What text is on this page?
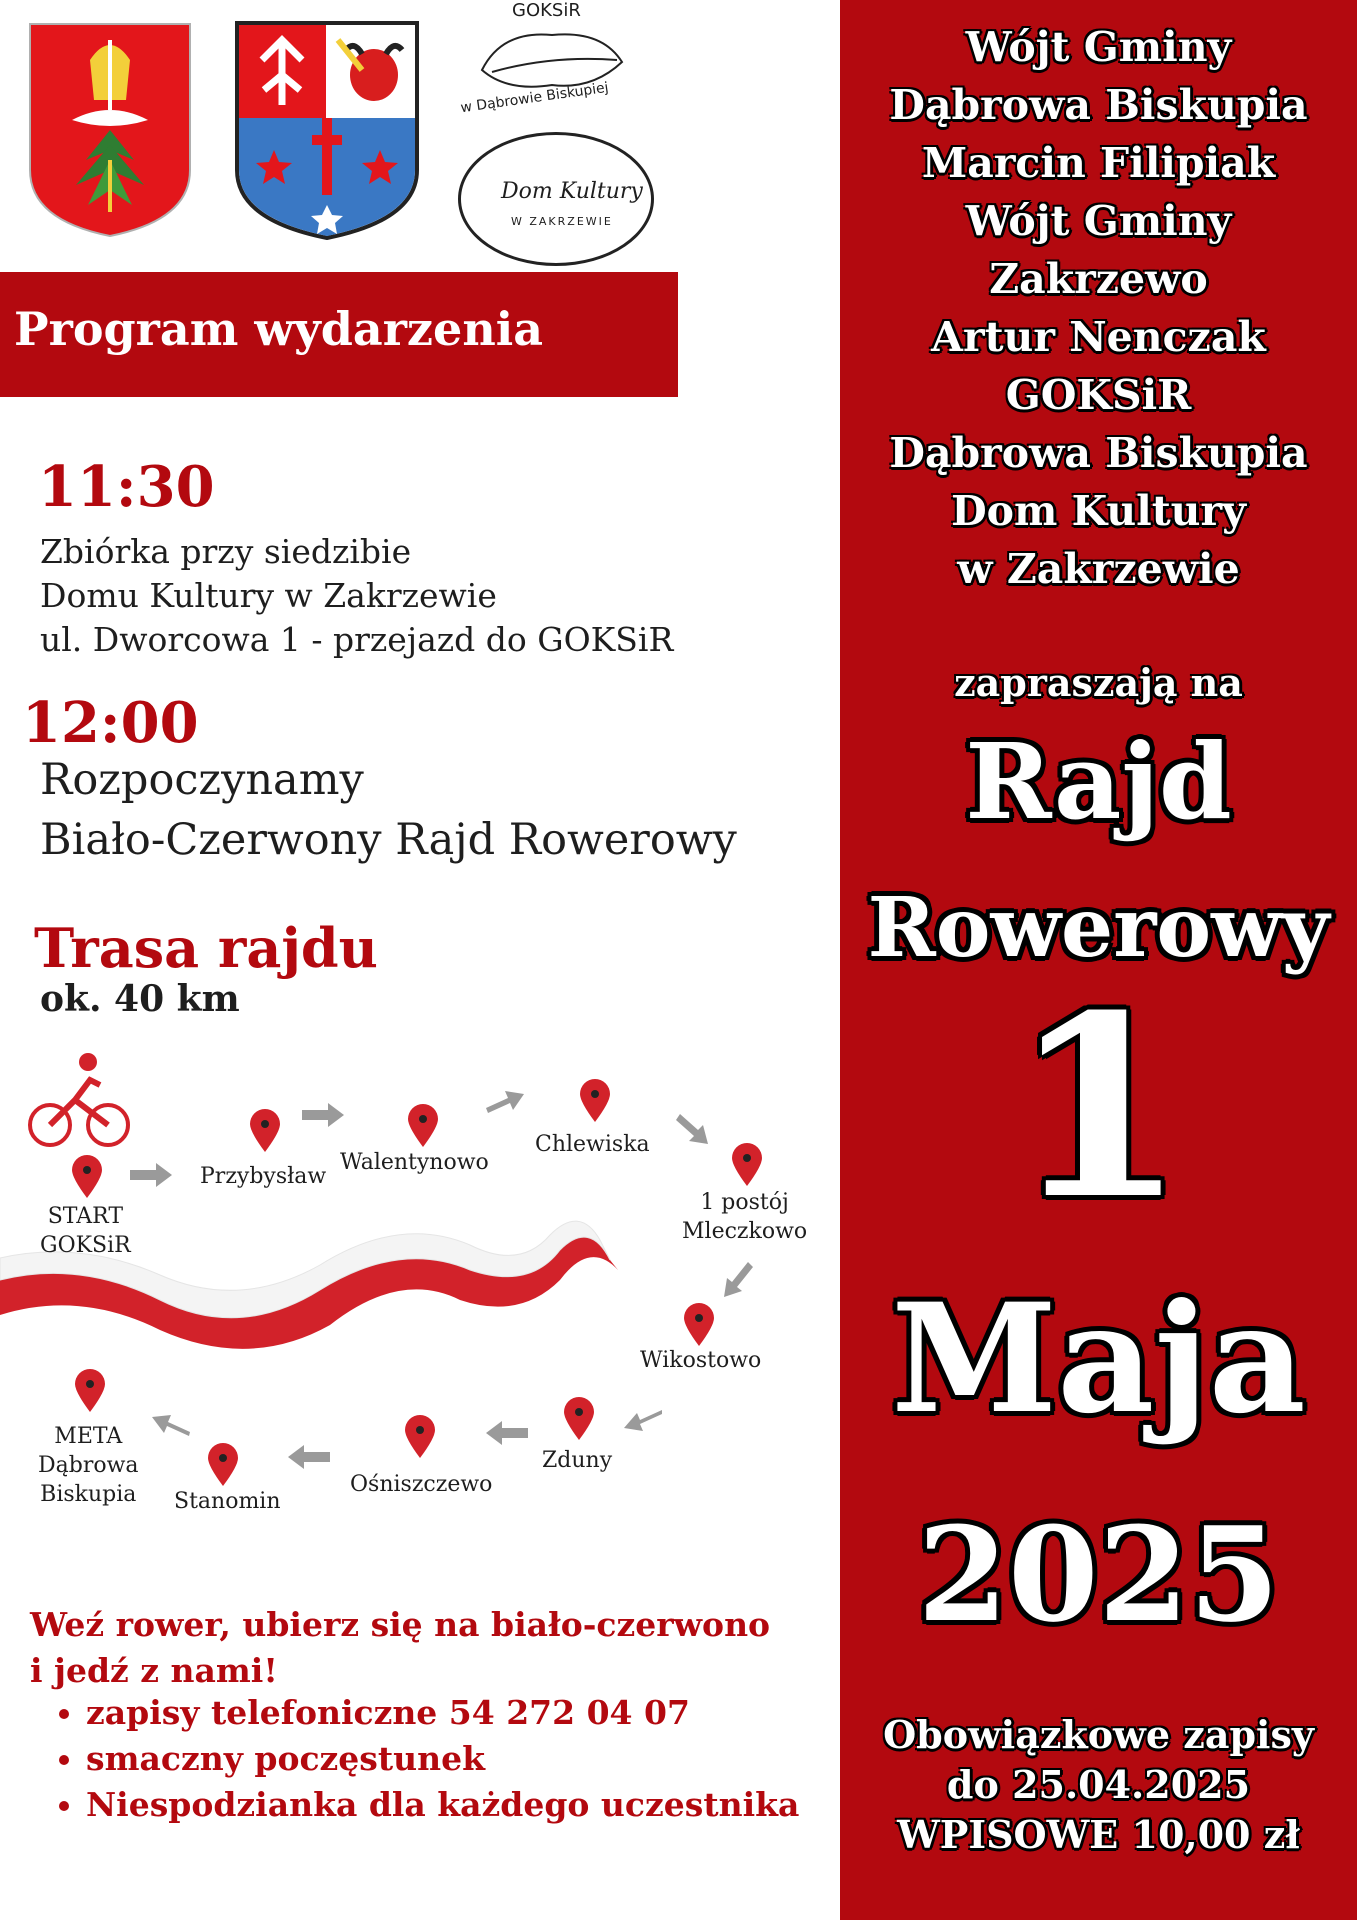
GOKSiR
w Dąbrowie Biskupiej
Dom Kultury
W ZAKRZEWIE
Program wydarzenia
11:30
Zbiórka przy siedzibie
Domu Kultury w Zakrzewie
ul. Dworcowa 1 - przejazd do GOKSiR
12:00
Rozpoczynamy
Biało-Czerwony Rajd Rowerowy
Trasa rajdu
ok. 40 km
START
GOKSiR
Przybysław
Walentynowo
Chlewiska
1 postój
Mleczkowo
Wikostowo
Zduny
Ośniszczewo
Stanomin
META
Dąbrowa
Biskupia
Weź rower, ubierz się na biało-czerwono
i jedź z nami!
• zapisy telefoniczne 54 272 04 07
• smaczny poczęstunek
• Niespodzianka dla każdego uczestnika
Wójt Gminy
Dąbrowa Biskupia
Marcin Filipiak
Wójt Gminy
Zakrzewo
Artur Nenczak
GOKSiR
Dąbrowa Biskupia
Dom Kultury
w Zakrzewie
zapraszają na
Rajd
Rowerowy
1
Maja
2025
Obowiązkowe zapisy
do 25.04.2025
WPISOWE 10,00 zł
